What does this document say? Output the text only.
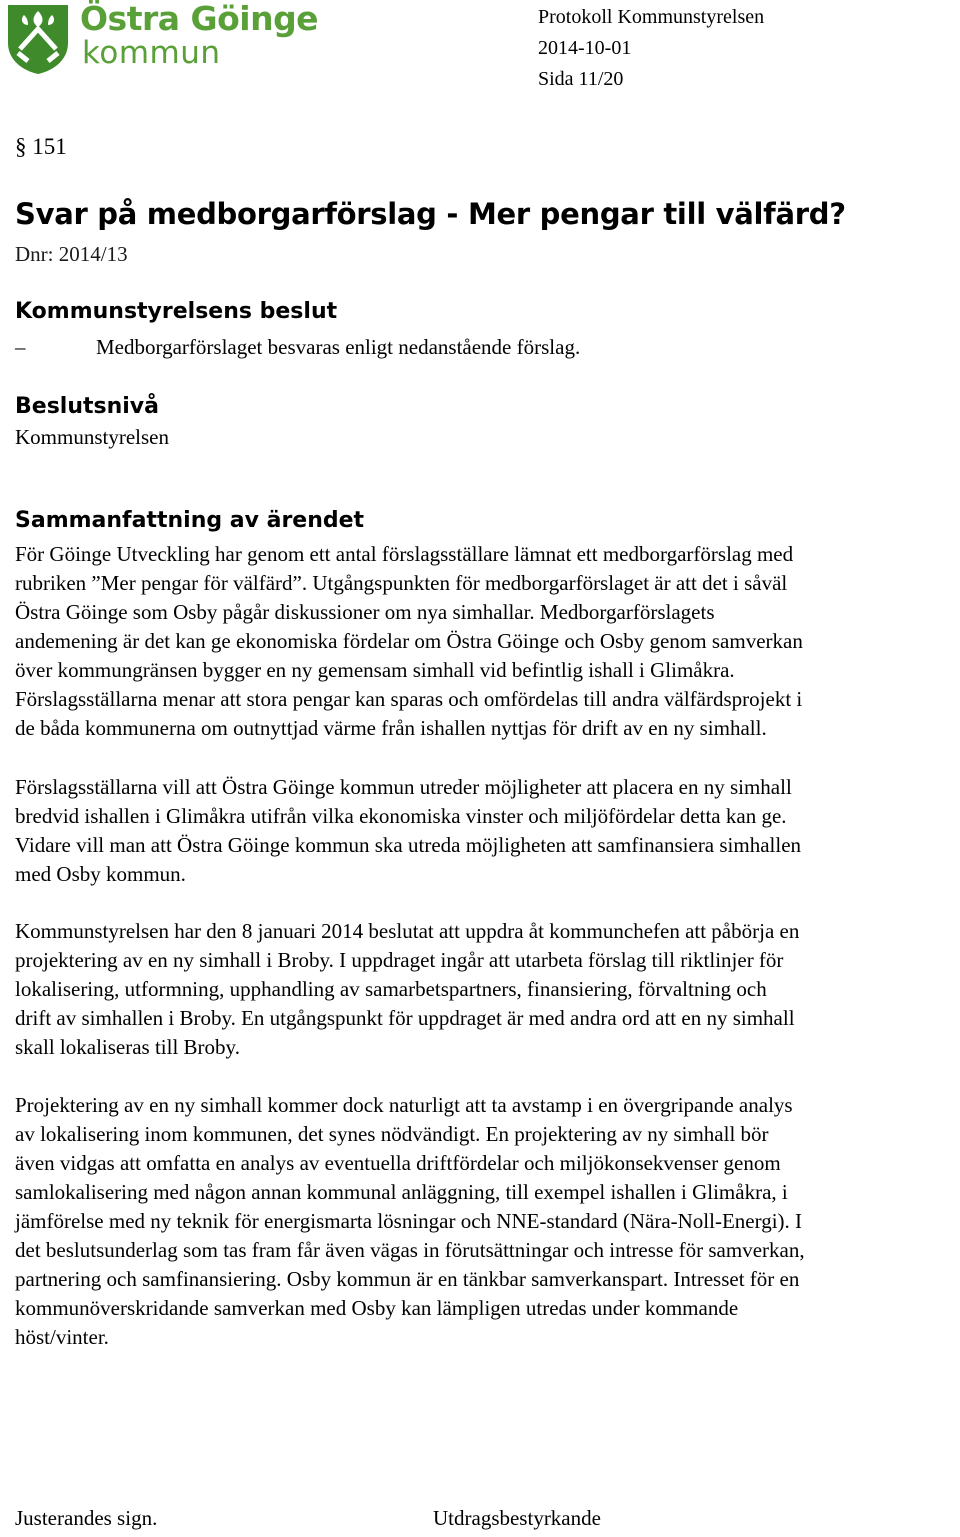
Östra Göinge
kommun
Protokoll Kommunstyrelsen
2014-10-01
Sida 11/20
§ 151
Svar på medborgarförslag - Mer pengar till välfärd?
Dnr: 2014/13
Kommunstyrelsens beslut
–	Medborgarförslaget besvaras enligt nedanstående förslag.
Beslutsnivå
Kommunstyrelsen
Sammanfattning av ärendet
För Göinge Utveckling har genom ett antal förslagsställare lämnat ett medborgarförslag med
rubriken ”Mer pengar för välfärd”. Utgångspunkten för medborgarförslaget är att det i såväl
Östra Göinge som Osby pågår diskussioner om nya simhallar. Medborgarförslagets
andemening är det kan ge ekonomiska fördelar om Östra Göinge och Osby genom samverkan
över kommungränsen bygger en ny gemensam simhall vid befintlig ishall i Glimåkra.
Förslagsställarna menar att stora pengar kan sparas och omfördelas till andra välfärdsprojekt i
de båda kommunerna om outnyttjad värme från ishallen nyttjas för drift av en ny simhall.
Förslagsställarna vill att Östra Göinge kommun utreder möjligheter att placera en ny simhall
bredvid ishallen i Glimåkra utifrån vilka ekonomiska vinster och miljöfördelar detta kan ge.
Vidare vill man att Östra Göinge kommun ska utreda möjligheten att samfinansiera simhallen
med Osby kommun.
Kommunstyrelsen har den 8 januari 2014 beslutat att uppdra åt kommunchefen att påbörja en
projektering av en ny simhall i Broby. I uppdraget ingår att utarbeta förslag till riktlinjer för
lokalisering, utformning, upphandling av samarbetspartners, finansiering, förvaltning och
drift av simhallen i Broby. En utgångspunkt för uppdraget är med andra ord att en ny simhall
skall lokaliseras till Broby.
Projektering av en ny simhall kommer dock naturligt att ta avstamp i en övergripande analys
av lokalisering inom kommunen, det synes nödvändigt. En projektering av ny simhall bör
även vidgas att omfatta en analys av eventuella driftfördelar och miljökonsekvenser genom
samlokalisering med någon annan kommunal anläggning, till exempel ishallen i Glimåkra, i
jämförelse med ny teknik för energismarta lösningar och NNE-standard (Nära-Noll-Energi). I
det beslutsunderlag som tas fram får även vägas in förutsättningar och intresse för samverkan,
partnering och samfinansiering. Osby kommun är en tänkbar samverkanspart. Intresset för en
kommunöverskridande samverkan med Osby kan lämpligen utredas under kommande
höst/vinter.
Justerandes sign.	Utdragsbestyrkande
